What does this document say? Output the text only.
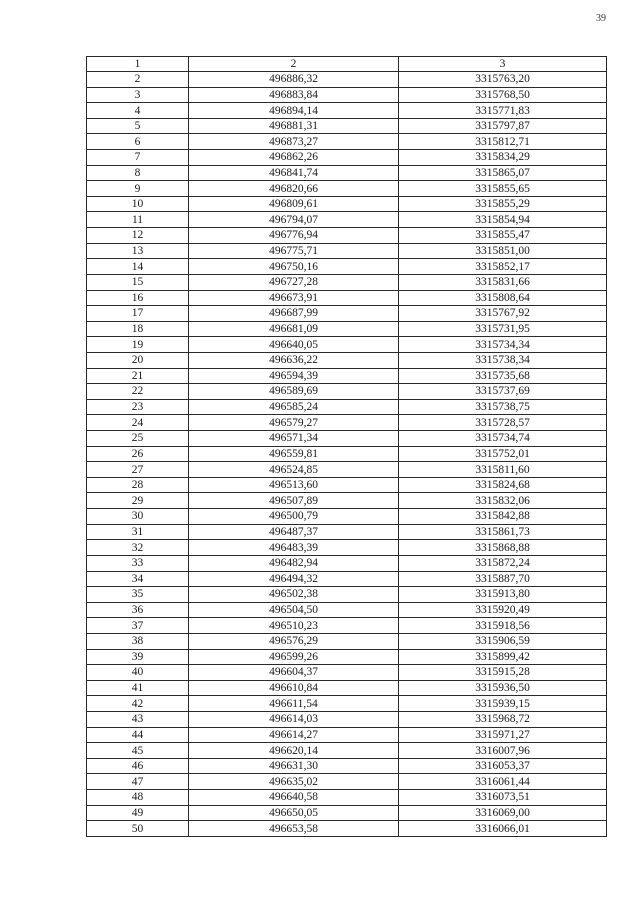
39
1	2	3
2	496886,32	3315763,20
3	496883,84	3315768,50
4	496894,14	3315771,83
5	496881,31	3315797,87
6	496873,27	3315812,71
7	496862,26	3315834,29
8	496841,74	3315865,07
9	496820,66	3315855,65
10	496809,61	3315855,29
11	496794,07	3315854,94
12	496776,94	3315855,47
13	496775,71	3315851,00
14	496750,16	3315852,17
15	496727,28	3315831,66
16	496673,91	3315808,64
17	496687,99	3315767,92
18	496681,09	3315731,95
19	496640,05	3315734,34
20	496636,22	3315738,34
21	496594,39	3315735,68
22	496589,69	3315737,69
23	496585,24	3315738,75
24	496579,27	3315728,57
25	496571,34	3315734,74
26	496559,81	3315752,01
27	496524,85	3315811,60
28	496513,60	3315824,68
29	496507,89	3315832,06
30	496500,79	3315842,88
31	496487,37	3315861,73
32	496483,39	3315868,88
33	496482,94	3315872,24
34	496494,32	3315887,70
35	496502,38	3315913,80
36	496504,50	3315920,49
37	496510,23	3315918,56
38	496576,29	3315906,59
39	496599,26	3315899,42
40	496604,37	3315915,28
41	496610,84	3315936,50
42	496611,54	3315939,15
43	496614,03	3315968,72
44	496614,27	3315971,27
45	496620,14	3316007,96
46	496631,30	3316053,37
47	496635,02	3316061,44
48	496640,58	3316073,51
49	496650,05	3316069,00
50	496653,58	3316066,01
